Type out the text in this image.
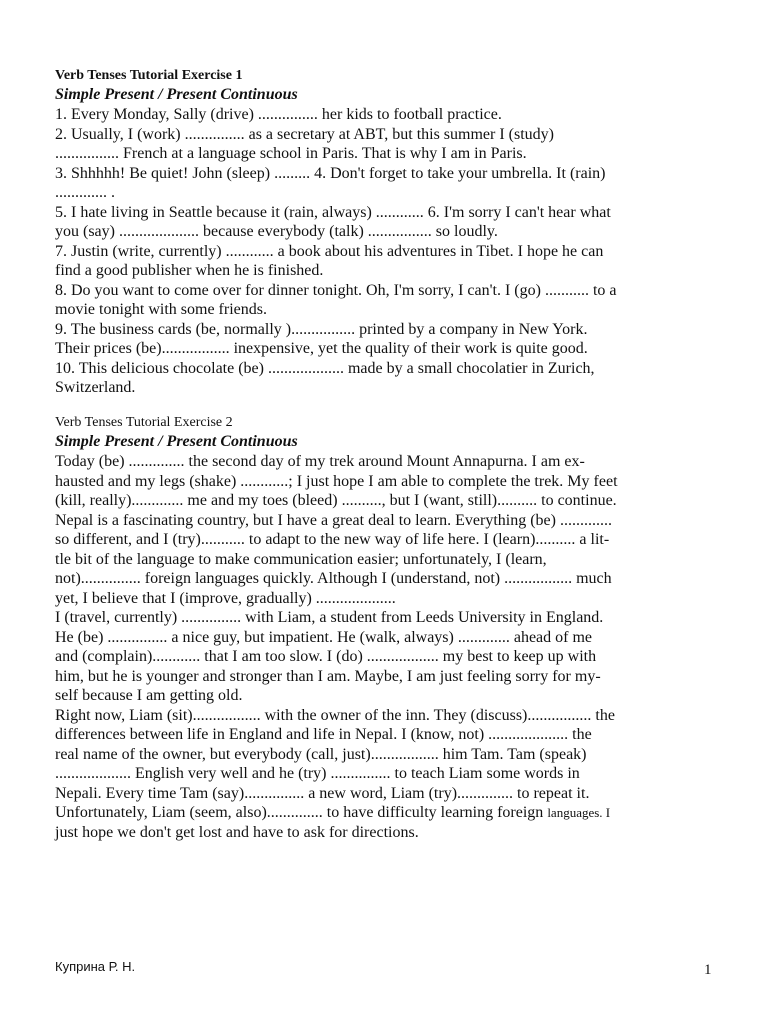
Verb Tenses Tutorial Exercise 1
Simple Present / Present Continuous
1. Every Monday, Sally (drive) ............... her kids to football practice.
2. Usually, I (work) ............... as a secretary at ABT, but this summer I (study)
................ French at a language school in Paris. That is why I am in Paris.
3. Shhhhh! Be quiet! John (sleep) ......... 4. Don't forget to take your umbrella. It (rain)
............. .
5. I hate living in Seattle because it (rain, always) ............ 6. I'm sorry I can't hear what
you (say) .................... because everybody (talk) ................ so loudly.
7. Justin (write, currently) ............ a book about his adventures in Tibet. I hope he can
find a good publisher when he is finished.
8. Do you want to come over for dinner tonight. Oh, I'm sorry, I can't. I (go) ........... to a
movie tonight with some friends.
9. The business cards (be, normally )................ printed by a company in New York.
Their prices (be)................. inexpensive, yet the quality of their work is quite good.
10. This delicious chocolate (be) ................... made by a small chocolatier in Zurich,
Switzerland.
Verb Tenses Tutorial Exercise 2
Simple Present / Present Continuous
Today (be) .............. the second day of my trek around Mount Annapurna. I am ex-
hausted and my legs (shake) ............; I just hope I am able to complete the trek. My feet
(kill, really)............. me and my toes (bleed) .........., but I (want, still).......... to continue.
Nepal is a fascinating country, but I have a great deal to learn. Everything (be) .............
so different, and I (try)........... to adapt to the new way of life here. I (learn).......... a lit-
tle bit of the language to make communication easier; unfortunately, I (learn,
not)............... foreign languages quickly. Although I (understand, not) ................. much
yet, I believe that I (improve, gradually) ....................
I (travel, currently) ............... with Liam, a student from Leeds University in England.
He (be) ............... a nice guy, but impatient. He (walk, always) ............. ahead of me
and (complain)............ that I am too slow. I (do) .................. my best to keep up with
him, but he is younger and stronger than I am. Maybe, I am just feeling sorry for my-
self because I am getting old.
Right now, Liam (sit)................. with the owner of the inn. They (discuss)................ the
differences between life in England and life in Nepal. I (know, not) .................... the
real name of the owner, but everybody (call, just)................. him Tam. Tam (speak)
................... English very well and he (try) ............... to teach Liam some words in
Nepali. Every time Tam (say)............... a new word, Liam (try).............. to repeat it.
Unfortunately, Liam (seem, also).............. to have difficulty learning foreign languages. I
just hope we don't get lost and have to ask for directions.
Куприна Р. Н.	1
